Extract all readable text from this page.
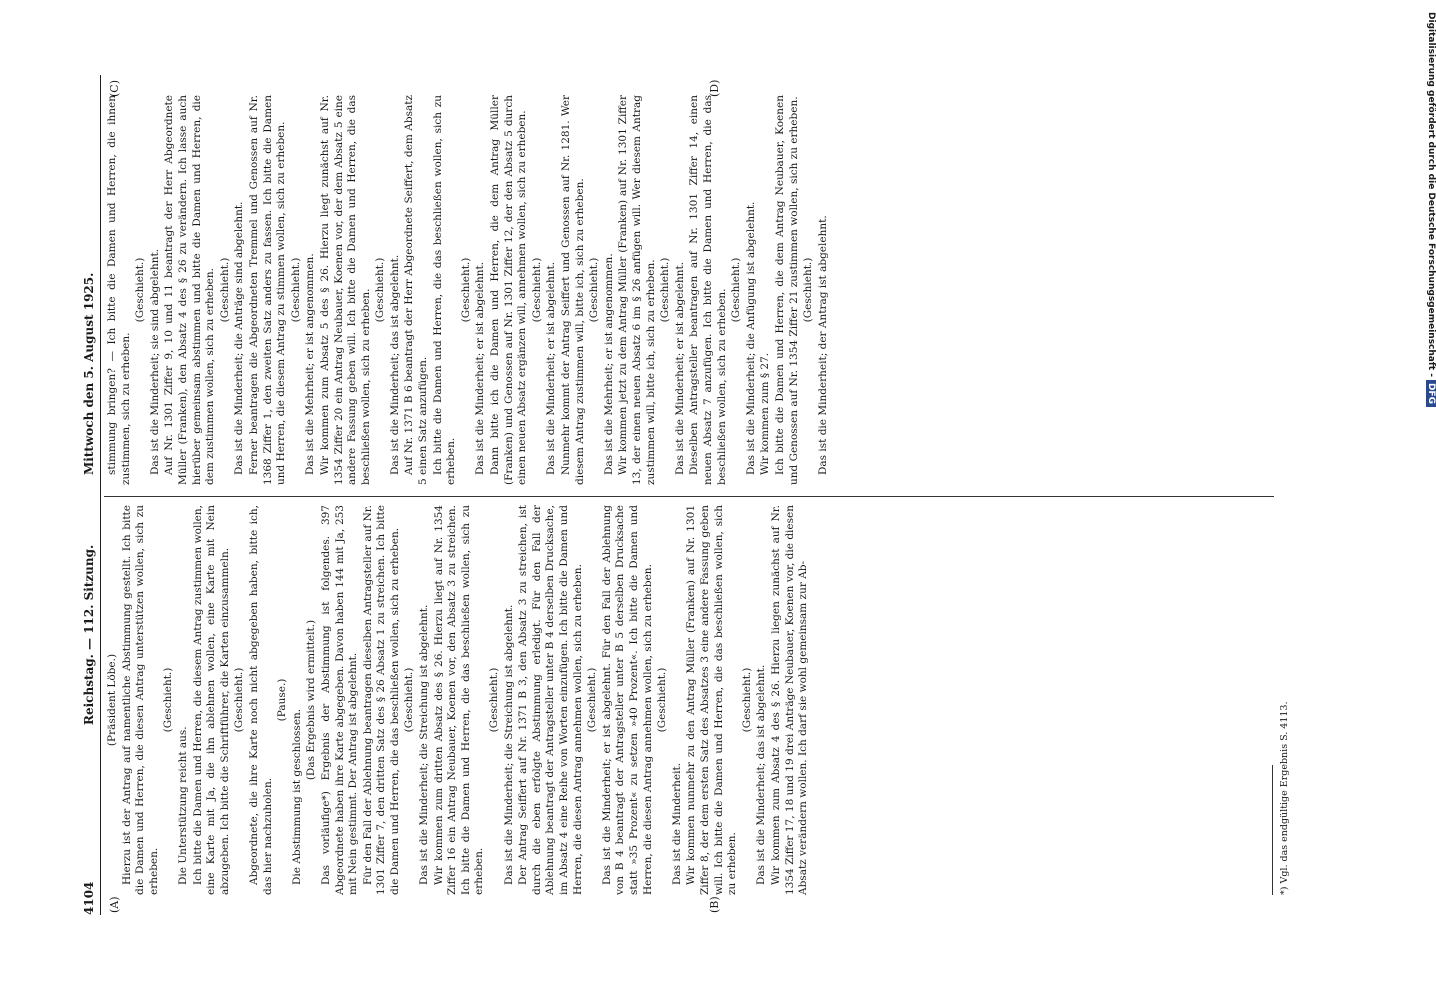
4104
Reichstag. — 112. Sitzung.
Mittwoch den 5. August 1925.
(A)	(B)
(C)	(D)

(Präsident Löbe.) Hierzu ist der Antrag auf namentliche Abstimmung gestellt. Ich bitte die Damen und Herren, die diesen Antrag unterstützen wollen, sich zu erheben.

(Geschieht.)

Die Unterstützung reicht aus. Ich bitte die Damen und Herren, die diesem Antrag zustimmen wollen, eine Karte mit Ja, die ihn ablehnen wollen, eine Karte mit Nein abzugeben. Ich bitte die Schriftführer, die Karten einzusammeln. (Geschieht.) Abgeordnete, die ihre Karte noch nicht abgegeben haben, bitte ich, das hier nachzuholen.

(Pause.)

Die Abstimmung ist geschlossen.

(Das Ergebnis wird ermittelt.) Das vorläufige*) Ergebnis der Abstimmung ist folgendes. 397 Abgeordnete haben ihre Karte abgegeben. Davon haben 144 mit Ja, 253 mit Nein gestimmt. Der Antrag ist abgelehnt. Für den Fall der Ablehnung beantragen dieselben Antragsteller auf Nr. 1301 Ziffer 7, den dritten Satz des § 26 Absatz 1 zu streichen. Ich bitte die Damen und Herren, die das beschließen wollen, sich zu erheben. (Geschieht.) Das ist die Minderheit; die Streichung ist abgelehnt. Wir kommen zum dritten Absatz des § 26. Hierzu liegt auf Nr. 1354 Ziffer 16 ein Antrag Neubauer, Koenen vor, den Absatz 3 zu streichen. Ich bitte die Damen und Herren, die das beschließen wollen, sich zu erheben.

(Geschieht.) Das ist die Minderheit; die Streichung ist abgelehnt. Der Antrag Seiffert auf Nr. 1371 B 3, den Absatz 3 zu streichen, ist durch die eben erfolgte Abstimmung erledigt. Für den Fall der Ablehnung beantragt der Antragsteller unter B 4 derselben Drucksache, im Absatz 4 eine Reihe von Worten einzufügen. Ich bitte die Damen und Herren, die diesen Antrag annehmen wollen, sich zu erheben. (Geschieht.) Das ist die Minderheit; er ist abgelehnt. Für den Fall der Ablehnung von B 4 beantragt der Antragsteller unter B 5 derselben Drucksache statt »35 Prozent« zu setzen »40 Prozent«. Ich bitte die Damen und Herren, die diesen Antrag annehmen wollen, sich zu erheben. (Geschieht.)

Das ist die Minderheit. Wir kommen nunmehr zu den Antrag Müller (Franken) auf Nr. 1301 Ziffer 8, der dem ersten Satz des Absatzes 3 eine andere Fassung geben will. Ich bitte die Damen und Herren, die das beschließen wollen, sich zu erheben.

(Geschieht.) Das ist die Minderheit; das ist abgelehnt. Wir kommen zum Absatz 4 des § 26. Hierzu liegen zunächst auf Nr. 1354 Ziffer 17, 18 und 19 drei Anträge Neubauer, Koenen vor, die diesen Absatz verändern wollen. Ich darf sie wohl gemeinsam zur Ab-

stimmung bringen? — Ich bitte die Damen und Herren, die ihnen zustimmen, sich zu erheben.

(Geschieht.) Das ist die Minderheit; sie sind abgelehnt. Auf Nr. 1301 Ziffer 9, 10 und 11 beantragt der Herr Abgeordnete Müller (Franken), den Absatz 4 des § 26 zu verändern. Ich lasse auch hierüber gemeinsam abstimmen und bitte die Damen und Herren, die dem zustimmen wollen, sich zu erheben. (Geschieht.) Das ist die Minderheit; die Anträge sind abgelehnt. Ferner beantragen die Abgeordneten Tremmel und Genossen auf Nr. 1368 Ziffer 1, den zweiten Satz anders zu fassen. Ich bitte die Damen und Herren, die diesem Antrag zu stimmen wollen, sich zu erheben. (Geschieht.) Das ist die Mehrheit; er ist angenommen. Wir kommen zum Absatz 5 des § 26. Hierzu liegt zunächst auf Nr. 1354 Ziffer 20 ein Antrag Neubauer, Koenen vor, der dem Absatz 5 eine andere Fassung geben will. Ich bitte die Damen und Herren, die das beschließen wollen, sich zu erheben. (Geschieht.) Das ist die Minderheit; das ist abgelehnt. Auf Nr. 1371 B 6 beantragt der Herr Abgeordnete Seiffert, dem Absatz 5 einen Satz anzufügen. Ich bitte die Damen und Herren, die das beschließen wollen, sich zu erheben.

(Geschieht.) Das ist die Minderheit; er ist abgelehnt. Dann bitte ich die Damen und Herren, die dem Antrag Müller (Franken) und Genossen auf Nr. 1301 Ziffer 12, der den Absatz 5 durch einen neuen Absatz ergänzen will, annehmen wollen, sich zu erheben. (Geschieht.) Das ist die Minderheit; er ist abgelehnt. Nunmehr kommt der Antrag Seiffert und Genossen auf Nr. 1281. Wer diesem Antrag zustimmen will, bitte ich, sich zu erheben. (Geschieht.) Das ist die Mehrheit; er ist angenommen. Wir kommen jetzt zu dem Antrag Müller (Franken) auf Nr. 1301 Ziffer 13, der einen neuen Absatz 6 im § 26 anfügen will. Wer diesem Antrag zustimmen will, bitte ich, sich zu erheben. (Geschieht.) Das ist die Minderheit; er ist abgelehnt. Dieselben Antragsteller beantragen auf Nr. 1301 Ziffer 14, einen neuen Absatz 7 anzufügen. Ich bitte die Damen und Herren, die das beschließen wollen, sich zu erheben. (Geschieht.) Das ist die Minderheit; die Anfügung ist abgelehnt. Wir kommen zum § 27. Ich bitte die Damen und Herren, die dem Antrag Neubauer, Koenen und Genossen auf Nr. 1354 Ziffer 21 zustimmen wollen, sich zu erheben. (Geschieht.) Das ist die Minderheit; der Antrag ist abgelehnt.

*) Vgl. das endgültige Ergebnis S. 4113.
Digitalisierung gefördert durch die Deutsche Forschungsgemeinschaft -DFG
